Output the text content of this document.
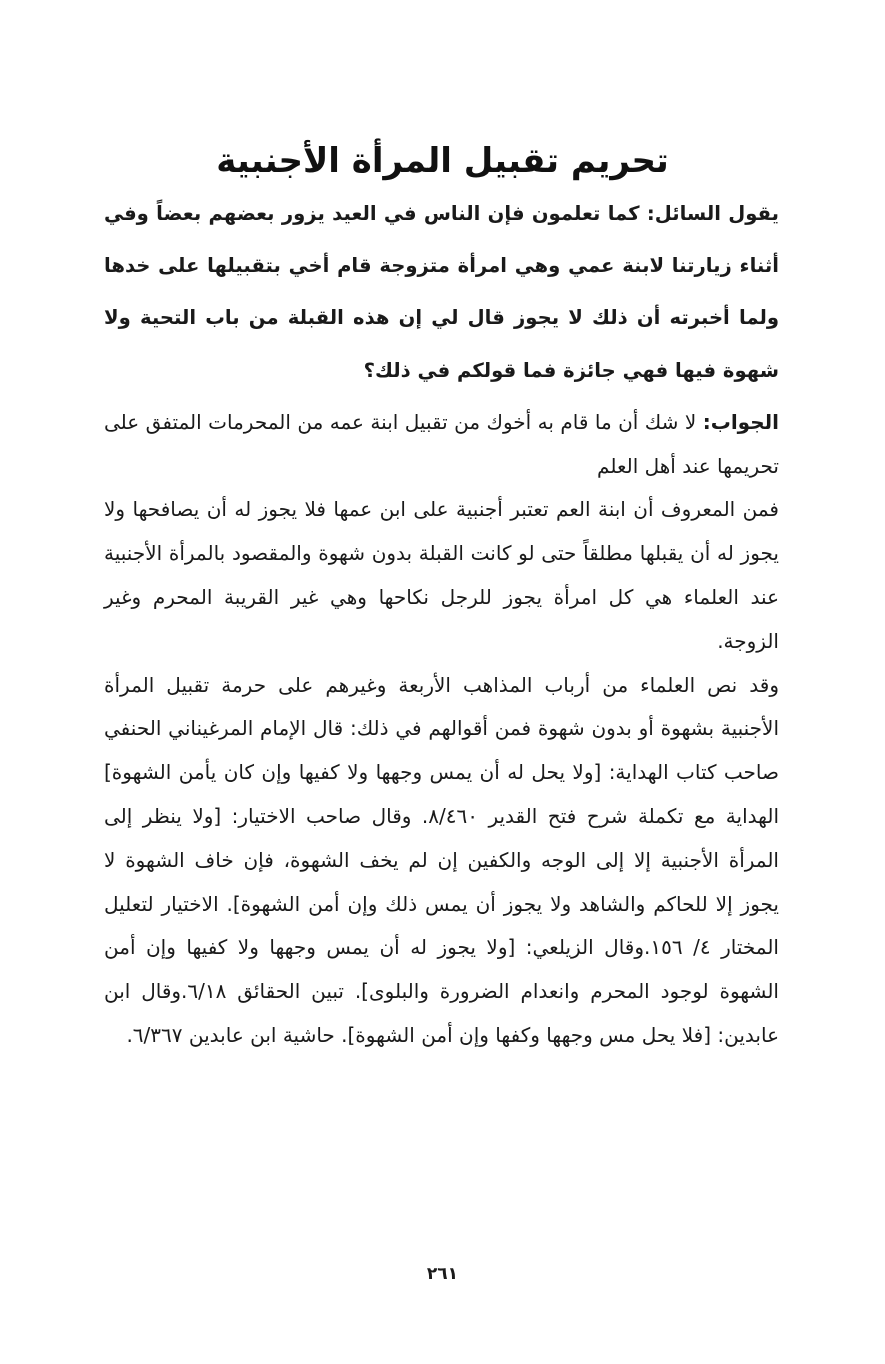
تحريم تقبيل المرأة الأجنبية

يقول السائل: كما تعلمون فإن الناس في العيد يزور بعضهم بعضاً وفي أثناء زيارتنا لابنة عمي وهي امرأة متزوجة قام أخي بتقبيلها على خدها ولما أخبرته أن ذلك لا يجوز قال لي إن هذه القبلة من باب التحية ولا شهوة فيها فهي جائزة فما قولكم في ذلك؟

الجواب: لا شك أن ما قام به أخوك من تقبيل ابنة عمه من المحرمات المتفق على تحريمها عند أهل العلم

فمن المعروف أن ابنة العم تعتبر أجنبية على ابن عمها فلا يجوز له أن يصافحها ولا يجوز له أن يقبلها مطلقاً حتى لو كانت القبلة بدون شهوة والمقصود بالمرأة الأجنبية عند العلماء هي كل امرأة يجوز للرجل نكاحها وهي غير القريبة المحرم وغير الزوجة.

وقد نص العلماء من أرباب المذاهب الأربعة وغيرهم على حرمة تقبيل المرأة الأجنبية بشهوة أو بدون شهوة فمن أقوالهم في ذلك: قال الإمام المرغيناني الحنفي صاحب كتاب الهداية: [ولا يحل له أن يمس وجهها ولا كفيها وإن كان يأمن الشهوة] الهداية مع تكملة شرح فتح القدير ٨/٤٦٠. وقال صاحب الاختيار: [ولا ينظر إلى المرأة الأجنبية إلا إلى الوجه والكفين إن لم يخف الشهوة، فإن خاف الشهوة لا يجوز إلا للحاكم والشاهد ولا يجوز أن يمس ذلك وإن أمن الشهوة]. الاختيار لتعليل المختار ٤/ ١٥٦.وقال الزيلعي: [ولا يجوز له أن يمس وجهها ولا كفيها وإن أمن الشهوة لوجود المحرم وانعدام الضرورة والبلوى]. تبين الحقائق ٦/١٨.وقال ابن عابدين: [فلا يحل مس وجهها وكفها وإن أمن الشهوة]. حاشية ابن عابدين ٦/٣٦٧.

٢٦١
